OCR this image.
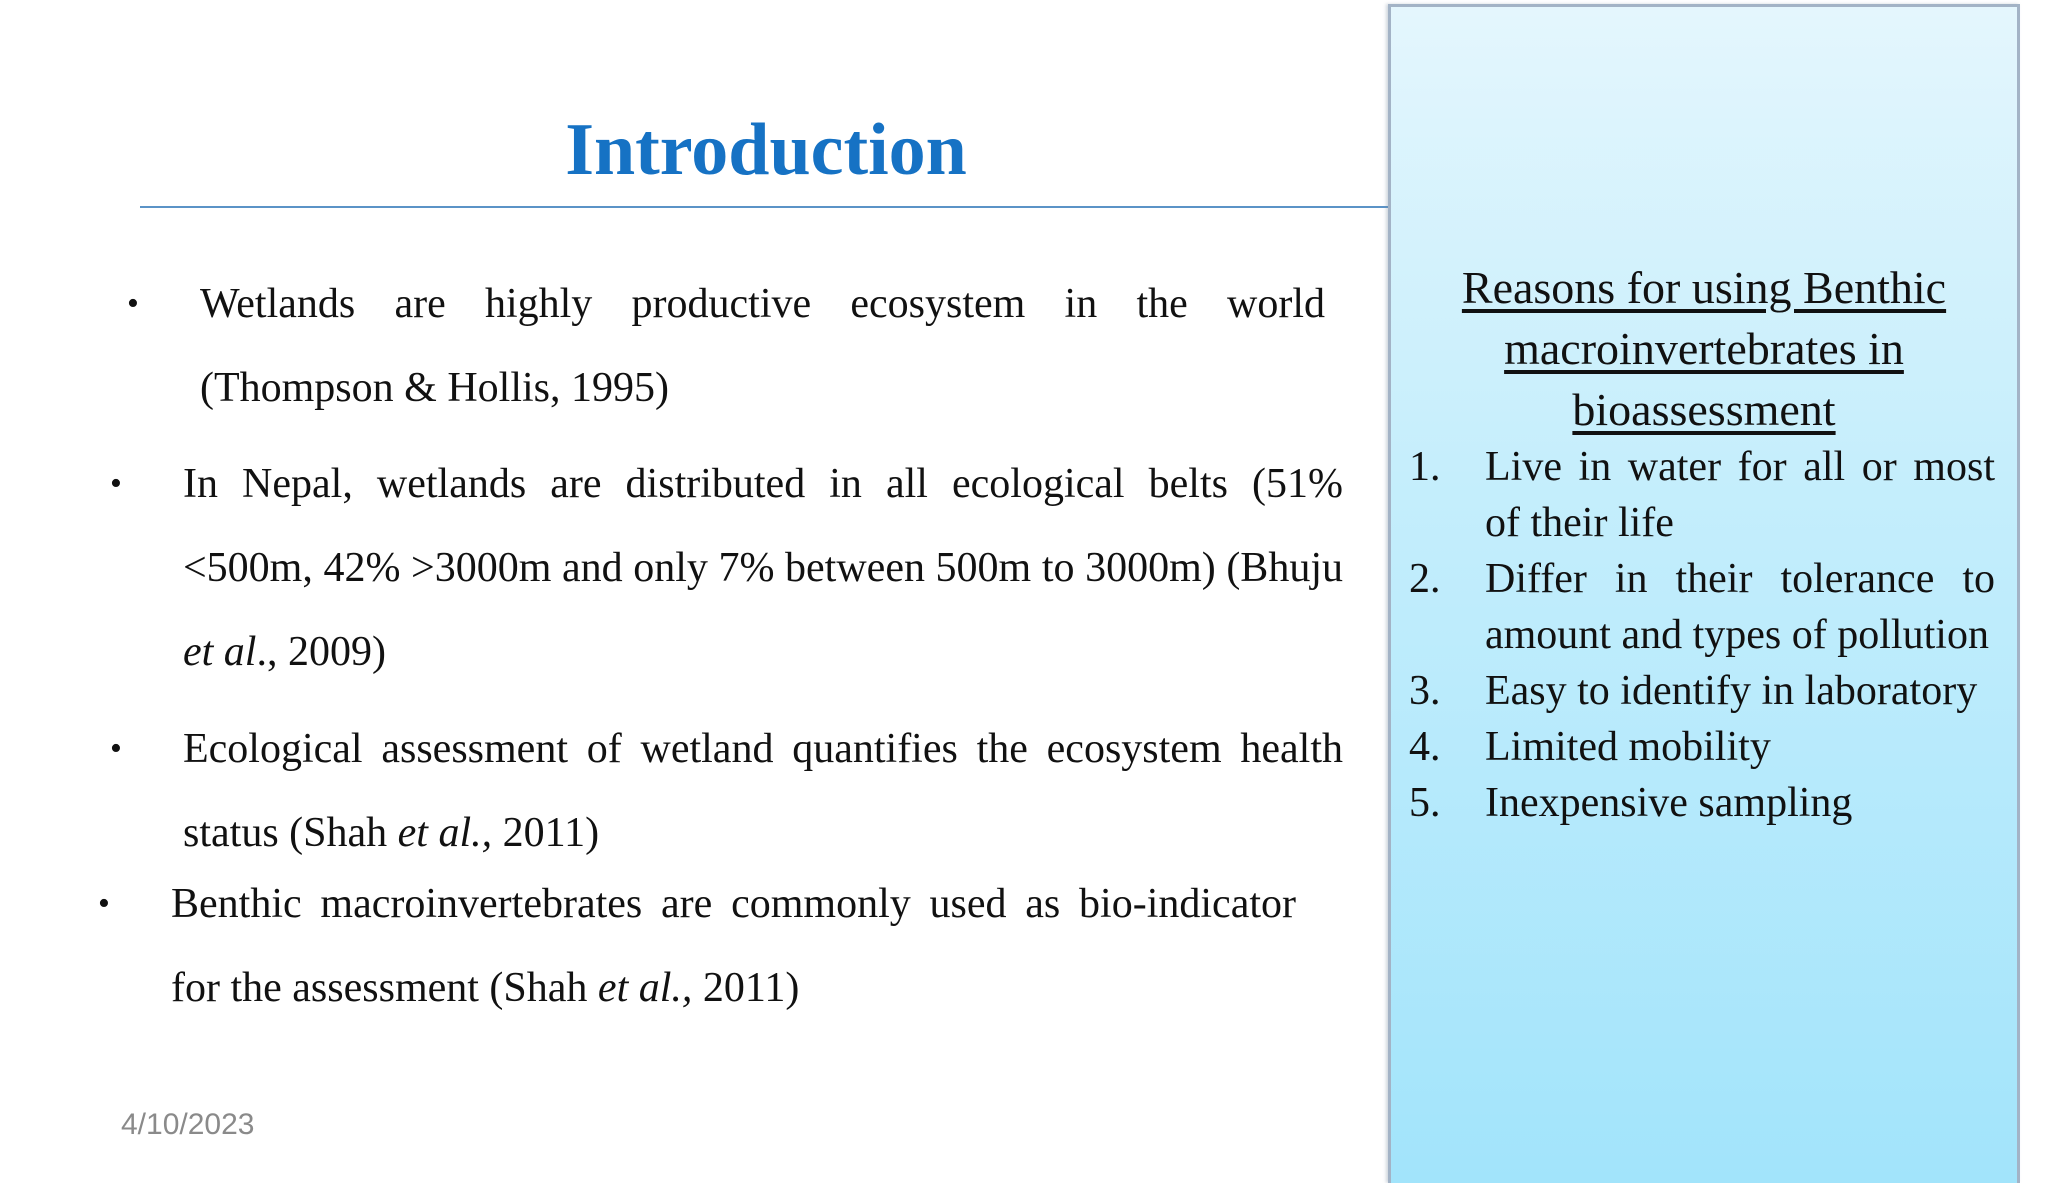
Introduction
• Wetlands are highly productive ecosystem in the world (Thompson & Hollis, 1995)
• In Nepal, wetlands are distributed in all ecological belts (51% <500m, 42% >3000m and only 7% between 500m to 3000m) (Bhuju et al., 2009)
• Ecological assessment of wetland quantifies the ecosystem health status (Shah et al., 2011)
• Benthic macroinvertebrates are commonly used as bio-indicator for the assessment (Shah et al., 2011)
4/10/2023
Reasons for using Benthic
macroinvertebrates in
bioassessment
1. Live in water for all or most of their life
2. Differ in their tolerance to amount and types of pollution
3. Easy to identify in laboratory
4. Limited mobility
5. Inexpensive sampling
